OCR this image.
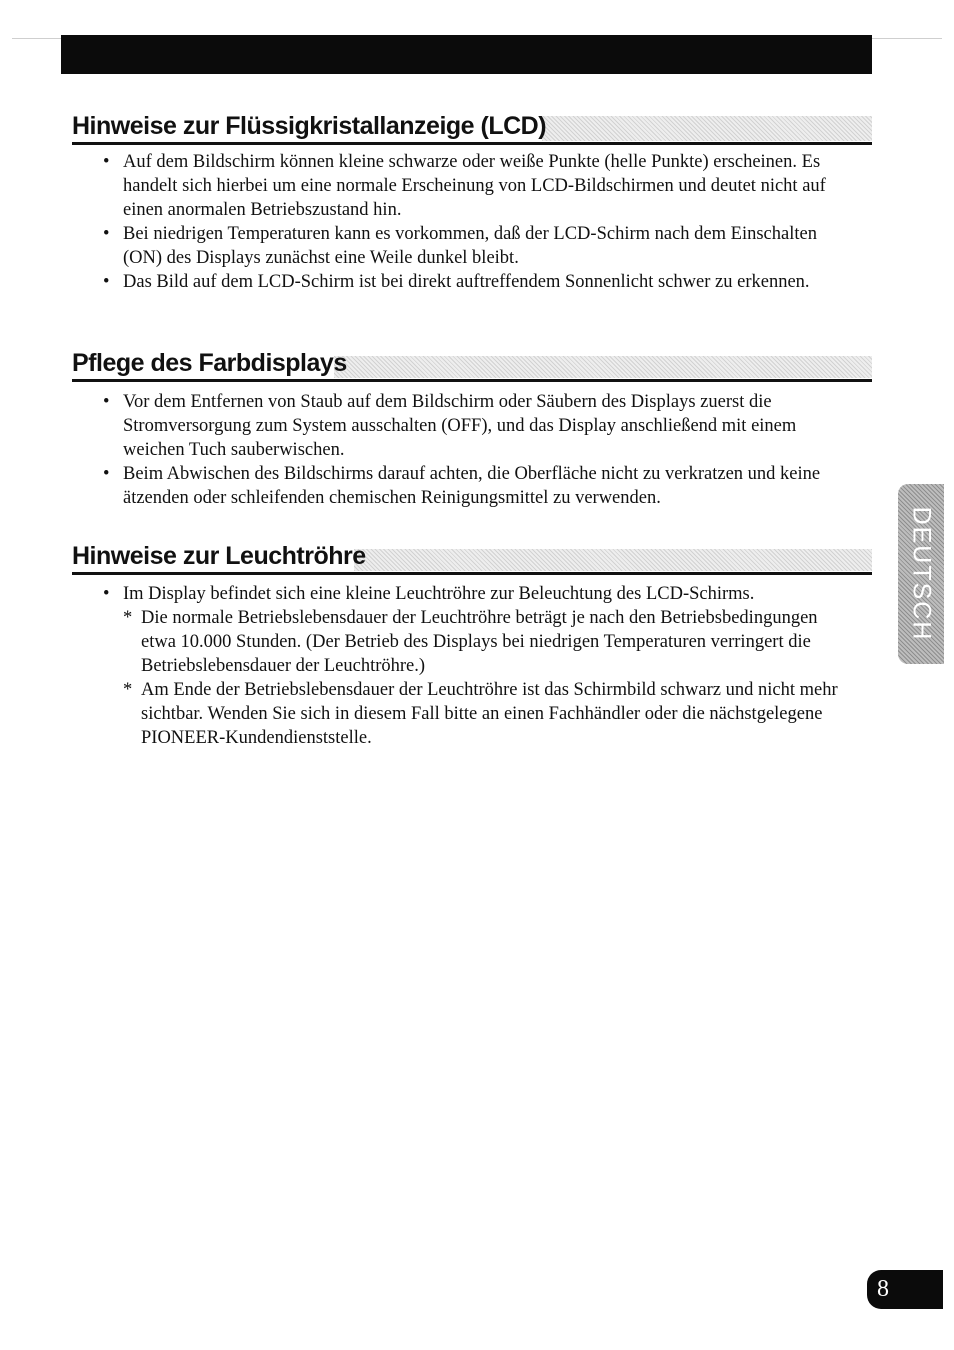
Hinweise zur Flüssigkristallanzeige (LCD)
• Auf dem Bildschirm können kleine schwarze oder weiße Punkte (helle Punkte) erscheinen. Es handelt sich hierbei um eine normale Erscheinung von LCD-Bildschirmen und deutet nicht auf einen anormalen Betriebszustand hin.
• Bei niedrigen Temperaturen kann es vorkommen, daß der LCD-Schirm nach dem Einschalten (ON) des Displays zunächst eine Weile dunkel bleibt.
• Das Bild auf dem LCD-Schirm ist bei direkt auftreffendem Sonnenlicht schwer zu erkennen.
Pflege des Farbdisplays
• Vor dem Entfernen von Staub auf dem Bildschirm oder Säubern des Displays zuerst die Stromversorgung zum System ausschalten (OFF), und das Display anschließend mit einem weichen Tuch sauberwischen.
• Beim Abwischen des Bildschirms darauf achten, die Oberfläche nicht zu verkratzen und keine ätzenden oder schleifenden chemischen Reinigungsmittel zu verwenden.
Hinweise zur Leuchtröhre
• Im Display befindet sich eine kleine Leuchtröhre zur Beleuchtung des LCD-Schirms.
* Die normale Betriebslebensdauer der Leuchtröhre beträgt je nach den Betriebsbedingungen etwa 10.000 Stunden. (Der Betrieb des Displays bei niedrigen Temperaturen verringert die Betriebslebensdauer der Leuchtröhre.)
* Am Ende der Betriebslebensdauer der Leuchtröhre ist das Schirmbild schwarz und nicht mehr sichtbar. Wenden Sie sich in diesem Fall bitte an einen Fachhändler oder die nächstgelegene PIONEER-Kundendienststelle.
DEUTSCH
8
